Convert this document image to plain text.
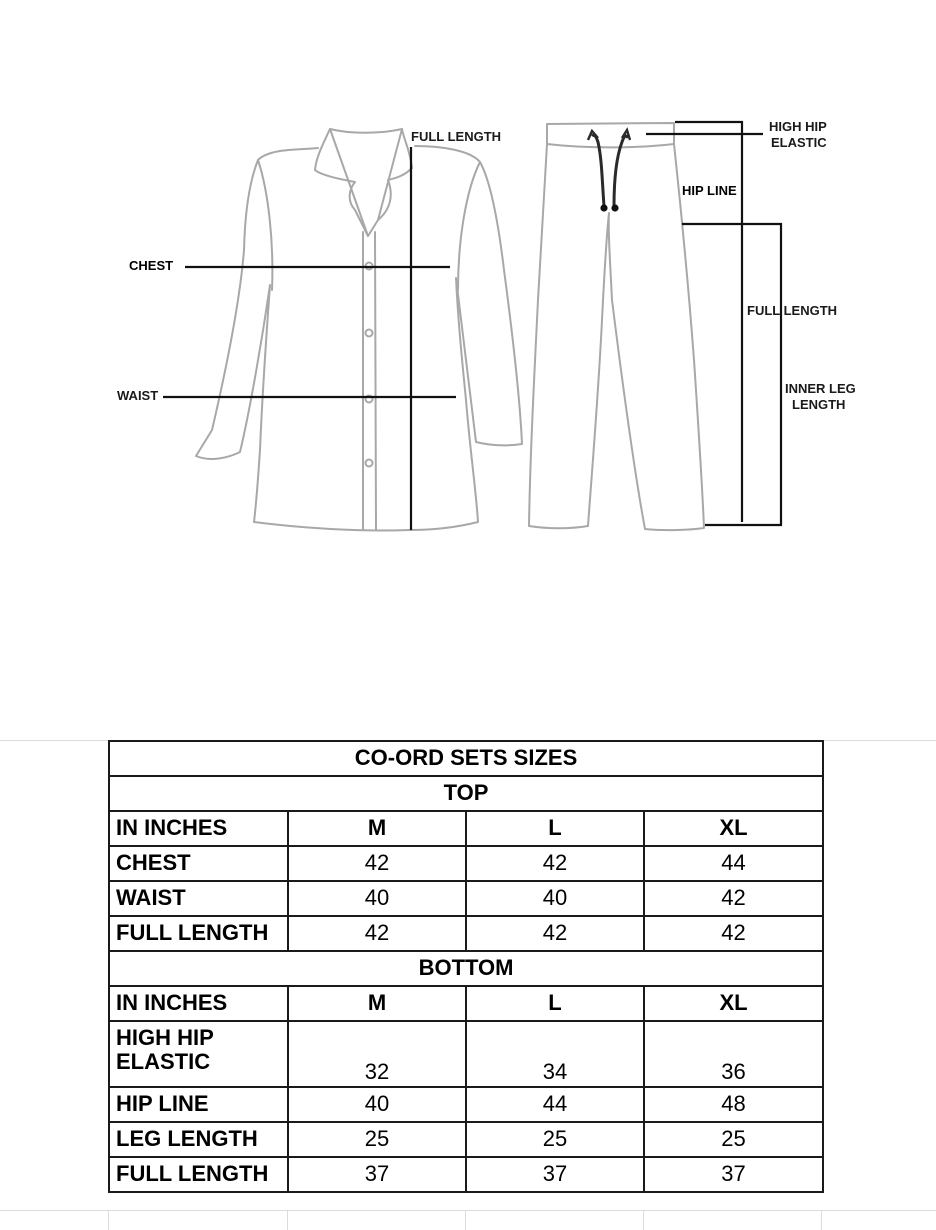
CHEST
WAIST
FULL LENGTH
HIGH HIP
ELASTIC
HIP LINE
FULL LENGTH
INNER LEG
LENGTH
CO-ORD SETS SIZES			
TOP			
IN INCHES	M	L	XL
CHEST	42	42	44
WAIST	40	40	42
FULL LENGTH	42	42	42
BOTTOM			
IN INCHES	M	L	XL
HIGH HIP
ELASTIC	32	34	36
HIP LINE	40	44	48
LEG LENGTH	25	25	25
FULL LENGTH	37	37	37
